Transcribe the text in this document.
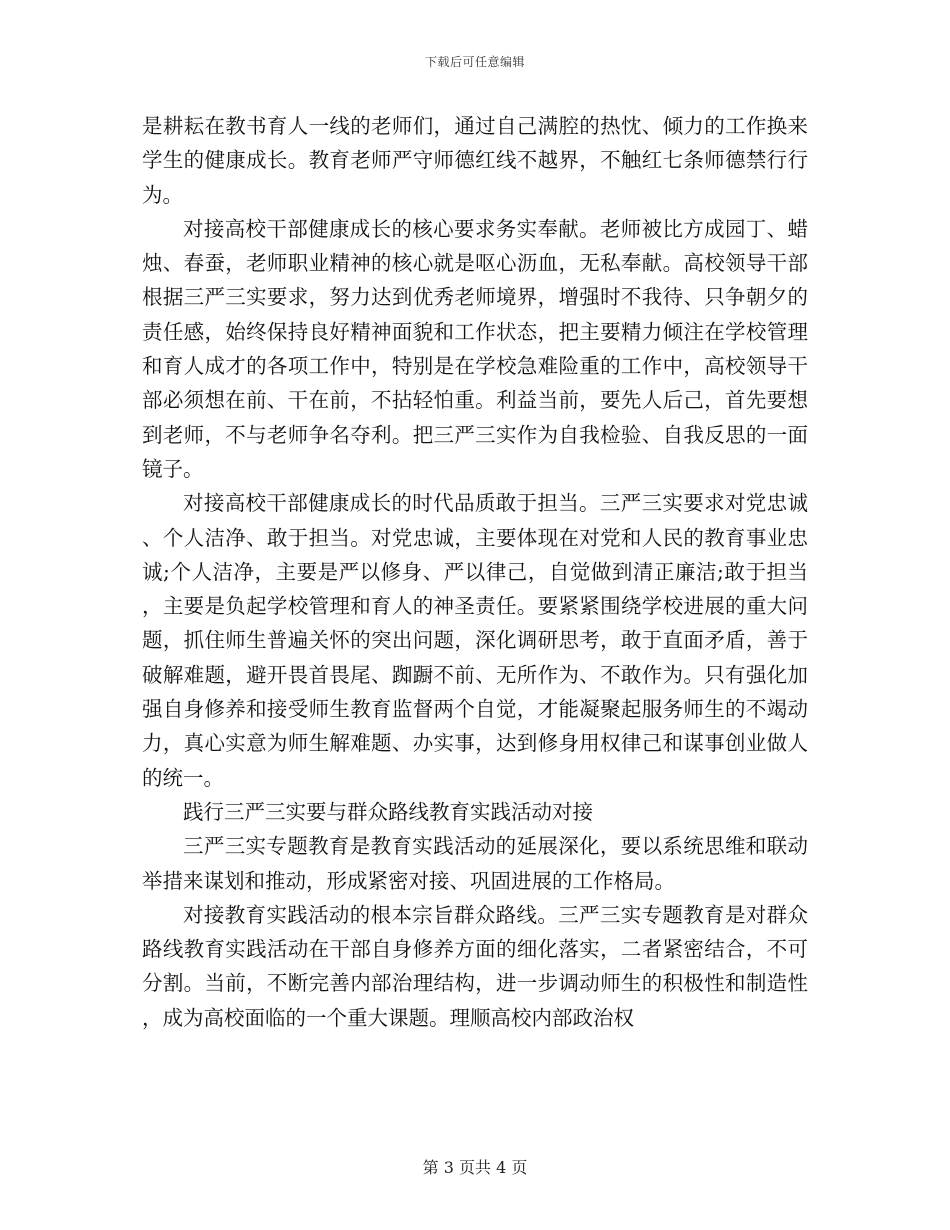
下载后可任意编辑

是耕耘在教书育人一线的老师们，通过自己满腔的热忱、倾力的工作换来学生的健康成长。教育老师严守师德红线不越界，不触红七条师德禁行行为。

对接高校干部健康成长的核心要求务实奉献。老师被比方成园丁、蜡烛、春蚕，老师职业精神的核心就是呕心沥血，无私奉献。高校领导干部根据三严三实要求，努力达到优秀老师境界，增强时不我待、只争朝夕的责任感，始终保持良好精神面貌和工作状态，把主要精力倾注在学校管理和育人成才的各项工作中，特别是在学校急难险重的工作中，高校领导干部必须想在前、干在前，不拈轻怕重。利益当前，要先人后己，首先要想到老师，不与老师争名夺利。把三严三实作为自我检验、自我反思的一面镜子。

对接高校干部健康成长的时代品质敢于担当。三严三实要求对党忠诚、个人洁净、敢于担当。对党忠诚，主要体现在对党和人民的教育事业忠诚;个人洁净，主要是严以修身、严以律己，自觉做到清正廉洁;敢于担当，主要是负起学校管理和育人的神圣责任。要紧紧围绕学校进展的重大问题，抓住师生普遍关怀的突出问题，深化调研思考，敢于直面矛盾，善于破解难题，避开畏首畏尾、踟蹰不前、无所作为、不敢作为。只有强化加强自身修养和接受师生教育监督两个自觉，才能凝聚起服务师生的不竭动力，真心实意为师生解难题、办实事，达到修身用权律己和谋事创业做人的统一。

践行三严三实要与群众路线教育实践活动对接

三严三实专题教育是教育实践活动的延展深化，要以系统思维和联动举措来谋划和推动，形成紧密对接、巩固进展的工作格局。

对接教育实践活动的根本宗旨群众路线。三严三实专题教育是对群众路线教育实践活动在干部自身修养方面的细化落实，二者紧密结合，不可分割。当前，不断完善内部治理结构，进一步调动师生的积极性和制造性，成为高校面临的一个重大课题。理顺高校内部政治权

第 3 页共 4 页
